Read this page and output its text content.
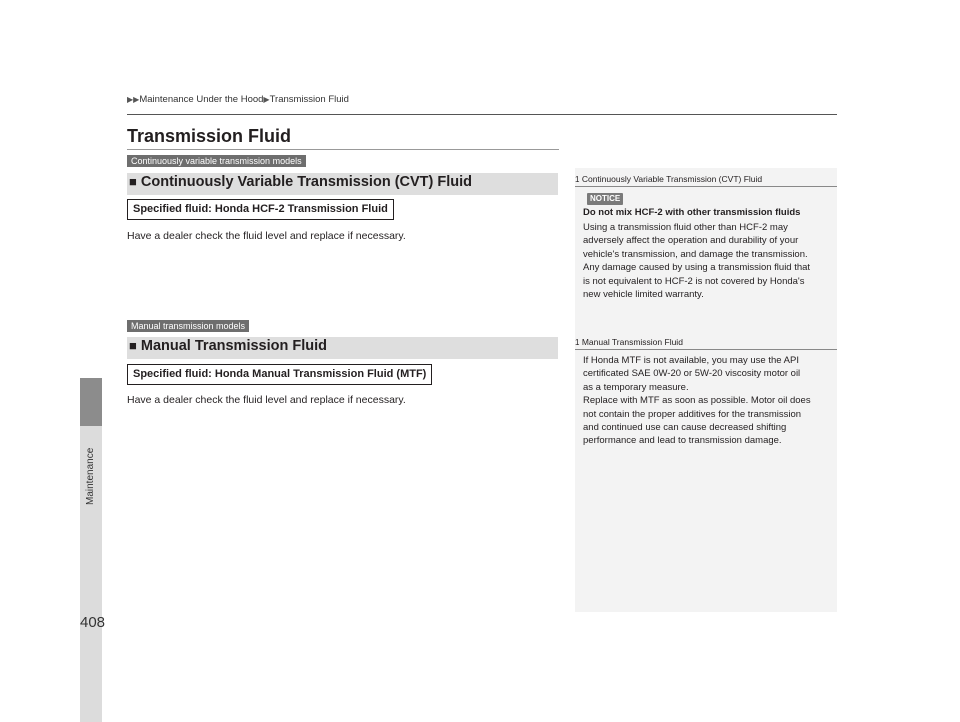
Maintenance
408
▶▶Maintenance Under the Hood▶Transmission Fluid
Transmission Fluid
Continuously variable transmission models
■ Continuously Variable Transmission (CVT) Fluid
Specified fluid: Honda HCF-2 Transmission Fluid
Have a dealer check the fluid level and replace if necessary.
Manual transmission models
■ Manual Transmission Fluid
Specified fluid: Honda Manual Transmission Fluid (MTF)
Have a dealer check the fluid level and replace if necessary.
1 Continuously Variable Transmission (CVT) Fluid
NOTICE
Do not mix HCF-2 with other transmission fluids
Using a transmission fluid other than HCF-2 may
adversely affect the operation and durability of your
vehicle's transmission, and damage the transmission.
Any damage caused by using a transmission fluid that
is not equivalent to HCF-2 is not covered by Honda's
new vehicle limited warranty.
1 Manual Transmission Fluid
If Honda MTF is not available, you may use the API
certificated SAE 0W-20 or 5W-20 viscosity motor oil
as a temporary measure.
Replace with MTF as soon as possible. Motor oil does
not contain the proper additives for the transmission
and continued use can cause decreased shifting
performance and lead to transmission damage.
